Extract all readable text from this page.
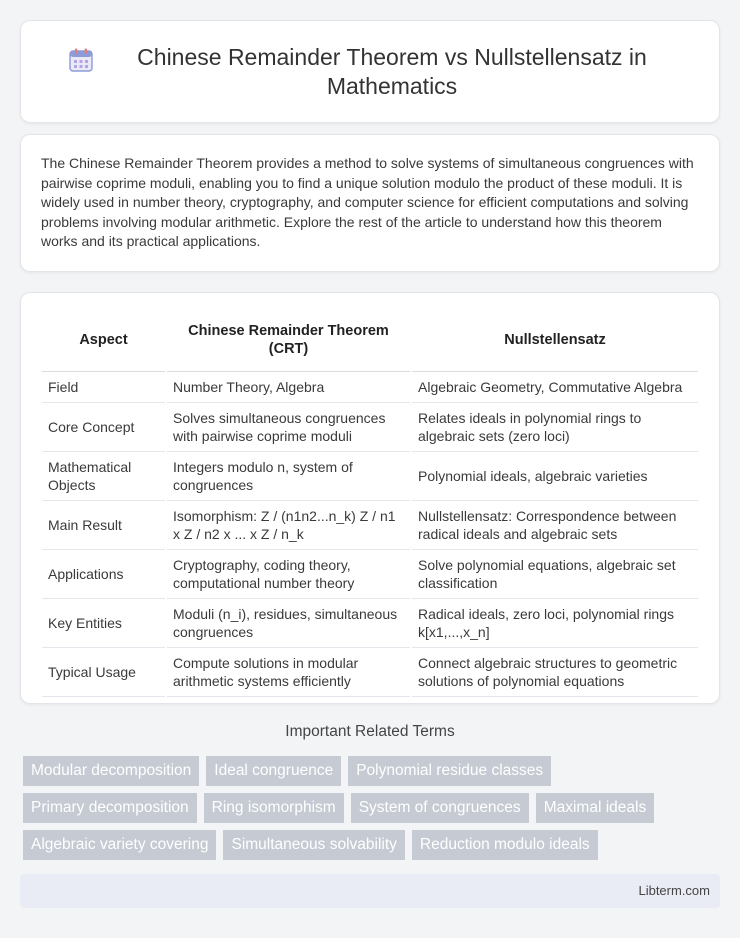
Chinese Remainder Theorem vs Nullstellensatz in Mathematics

The Chinese Remainder Theorem provides a method to solve systems of simultaneous congruences with pairwise coprime moduli, enabling you to find a unique solution modulo the product of these moduli. It is widely used in number theory, cryptography, and computer science for efficient computations and solving problems involving modular arithmetic. Explore the rest of the article to understand how this theorem works and its practical applications.

Aspect	Chinese Remainder Theorem (CRT)	Nullstellensatz
Field	Number Theory, Algebra	Algebraic Geometry, Commutative Algebra
Core Concept	Solves simultaneous congruences with pairwise coprime moduli	Relates ideals in polynomial rings to algebraic sets (zero loci)
Mathematical Objects	Integers modulo n, system of congruences	Polynomial ideals, algebraic varieties
Main Result	Isomorphism: Z / (n1n2...n_k) Z / n1 x Z / n2 x ... x Z / n_k	Nullstellensatz: Correspondence between radical ideals and algebraic sets
Applications	Cryptography, coding theory, computational number theory	Solve polynomial equations, algebraic set classification
Key Entities	Moduli (n_i), residues, simultaneous congruences	Radical ideals, zero loci, polynomial rings k[x1,...,x_n]
Typical Usage	Compute solutions in modular arithmetic systems efficiently	Connect algebraic structures to geometric solutions of polynomial equations
Important Related Terms
Modular decomposition	Ideal congruence	Polynomial residue classes
Primary decomposition	Ring isomorphism	System of congruences	Maximal ideals
Algebraic variety covering	Simultaneous solvability	Reduction modulo ideals
Libterm.com
